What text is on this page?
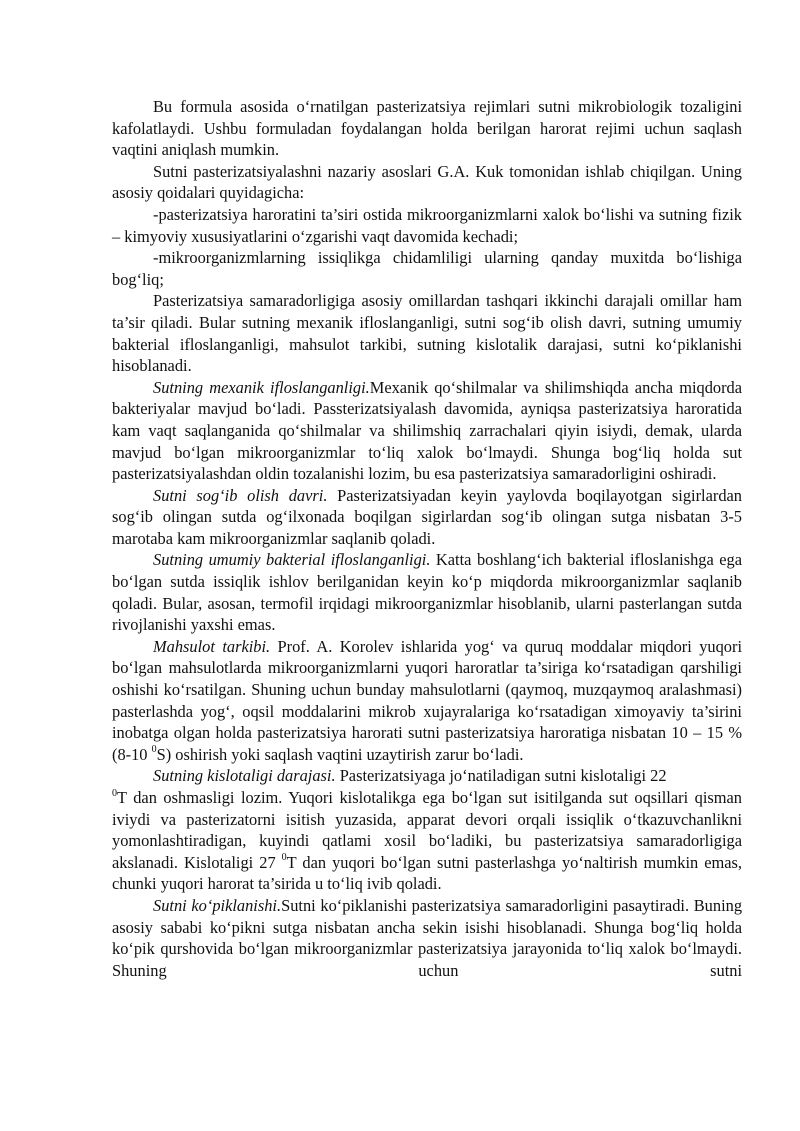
Bu formula asosida o‘rnatilgan pasterizatsiya rejimlari sutni mikrobiologik tozaligini kafolatlaydi. Ushbu formuladan foydalangan holda berilgan harorat rejimi uchun saqlash vaqtini aniqlash mumkin.

Sutni pasterizatsiyalashni nazariy asoslari G.A. Kuk tomonidan ishlab chiqilgan. Uning asosiy qoidalari quyidagicha:

-pasterizatsiya haroratini ta’siri ostida mikroorganizmlarni xalok bo‘lishi va sutning fizik – kimyoviy xususiyatlarini o‘zgarishi vaqt davomida kechadi;

-mikroorganizmlarning issiqlikga chidamliligi ularning qanday muxitda bo‘lishiga bog‘liq;

Pasterizatsiya samaradorligiga asosiy omillardan tashqari ikkinchi darajali omillar ham ta’sir qiladi. Bular sutning mexanik ifloslanganligi, sutni sog‘ib olish davri, sutning umumiy bakterial ifloslanganligi, mahsulot tarkibi, sutning kislotalik darajasi, sutni ko‘piklanishi hisoblanadi.

Sutning mexanik ifloslanganligi.Mexanik qo‘shilmalar va shilimshiqda ancha miqdorda bakteriyalar mavjud bo‘ladi. Passterizatsiyalash davomida, ayniqsa pasterizatsiya haroratida kam vaqt saqlanganida qo‘shilmalar va shilimshiq zarrachalari qiyin isiydi, demak, ularda mavjud bo‘lgan mikroorganizmlar to‘liq xalok bo‘lmaydi. Shunga bog‘liq holda sut pasterizatsiyalashdan oldin tozalanishi lozim, bu esa pasterizatsiya samaradorligini oshiradi.

Sutni sog‘ib olish davri. Pasterizatsiyadan keyin yaylovda boqilayotgan sigirlardan sog‘ib olingan sutda og‘ilxonada boqilgan sigirlardan sog‘ib olingan sutga nisbatan 3-5 marotaba kam mikroorganizmlar saqlanib qoladi.

Sutning umumiy bakterial ifloslanganligi. Katta boshlang‘ich bakterial ifloslanishga ega bo‘lgan sutda issiqlik ishlov berilganidan keyin ko‘p miqdorda mikroorganizmlar saqlanib qoladi. Bular, asosan, termofil irqidagi mikroorganizmlar hisoblanib, ularni pasterlangan sutda rivojlanishi yaxshi emas.

Mahsulot tarkibi. Prof. A. Korolev ishlarida yog‘ va quruq moddalar miqdori yuqori bo‘lgan mahsulotlarda mikroorganizmlarni yuqori haroratlar ta’siriga ko‘rsatadigan qarshiligi oshishi ko‘rsatilgan. Shuning uchun bunday mahsulotlarni (qaymoq, muzqaymoq aralashmasi) pasterlashda yog‘, oqsil moddalarini mikrob xujayralariga ko‘rsatadigan ximoyaviy ta’sirini inobatga olgan holda pasterizatsiya harorati sutni pasterizatsiya haroratiga nisbatan 10 – 15 % (8-10 $^0$S) oshirish yoki saqlash vaqtini uzaytirish zarur bo‘ladi.

Sutning kislotaligi darajasi. Pasterizatsiyaga jo‘natiladigan sutni kislotaligi 22
$^0$T dan oshmasligi lozim. Yuqori kislotalikga ega bo‘lgan sut isitilganda sut oqsillari qisman iviydi va pasterizatorni isitish yuzasida, apparat devori orqali issiqlik o‘tkazuvchanlikni yomonlashtiradigan, kuyindi qatlami xosil bo‘ladiki, bu pasterizatsiya samaradorligiga akslanadi. Kislotaligi 27 $^0$T dan yuqori bo‘lgan sutni pasterlashga yo‘naltirish mumkin emas, chunki yuqori harorat ta’sirida u to‘liq ivib qoladi.

Sutni ko‘piklanishi.Sutni ko‘piklanishi pasterizatsiya samaradorligini pasaytiradi. Buning asosiy sababi ko‘pikni sutga nisbatan ancha sekin isishi hisoblanadi. Shunga bog‘liq holda ko‘pik qurshovida bo‘lgan mikroorganizmlar pasterizatsiya jarayonida to‘liq xalok bo‘lmaydi. Shuning uchun sutni
